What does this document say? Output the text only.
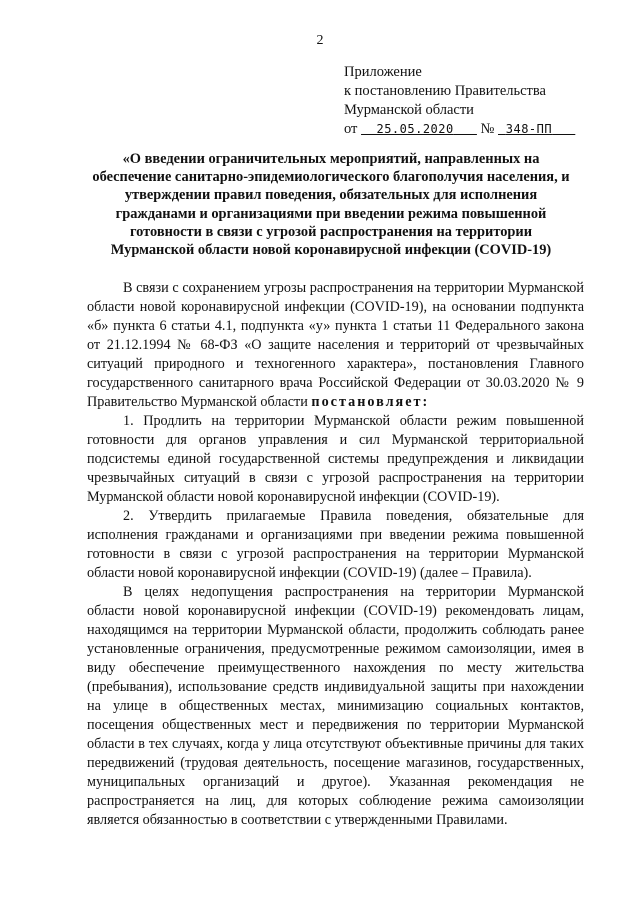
2
Приложение
к постановлению Правительства
Мурманской области
от 25.05.2020 № 348-ПП
«О введении ограничительных мероприятий, направленных на обеспечение санитарно-эпидемиологического благополучия населения, и утверждении правил поведения, обязательных для исполнения гражданами и организациями при введении режима повышенной готовности в связи с угрозой распространения на территории Мурманской области новой коронавирусной инфекции (COVID-19)

В связи с сохранением угрозы распространения на территории Мурманской области новой коронавирусной инфекции (COVID-19), на основании подпункта «б» пункта 6 статьи 4.1, подпункта «у» пункта 1 статьи 11 Федерального закона от 21.12.1994 № 68-ФЗ «О защите населения и территорий от чрезвычайных ситуаций природного и техногенного характера», постановления Главного государственного санитарного врача Российской Федерации от 30.03.2020 № 9 Правительство Мурманской области постановляет:

1. Продлить на территории Мурманской области режим повышенной готовности для органов управления и сил Мурманской территориальной подсистемы единой государственной системы предупреждения и ликвидации чрезвычайных ситуаций в связи с угрозой распространения на территории Мурманской области новой коронавирусной инфекции (COVID-19).

2. Утвердить прилагаемые Правила поведения, обязательные для исполнения гражданами и организациями при введении режима повышенной готовности в связи с угрозой распространения на территории Мурманской области новой коронавирусной инфекции (COVID-19) (далее – Правила).

В целях недопущения распространения на территории Мурманской области новой коронавирусной инфекции (COVID-19) рекомендовать лицам, находящимся на территории Мурманской области, продолжить соблюдать ранее установленные ограничения, предусмотренные режимом самоизоляции, имея в виду обеспечение преимущественного нахождения по месту жительства (пребывания), использование средств индивидуальной защиты при нахождении на улице в общественных местах, минимизацию социальных контактов, посещения общественных мест и передвижения по территории Мурманской области в тех случаях, когда у лица отсутствуют объективные причины для таких передвижений (трудовая деятельность, посещение магазинов, государственных, муниципальных организаций и другое). Указанная рекомендация не распространяется на лиц, для которых соблюдение режима самоизоляции является обязанностью в соответствии с утвержденными Правилами.
